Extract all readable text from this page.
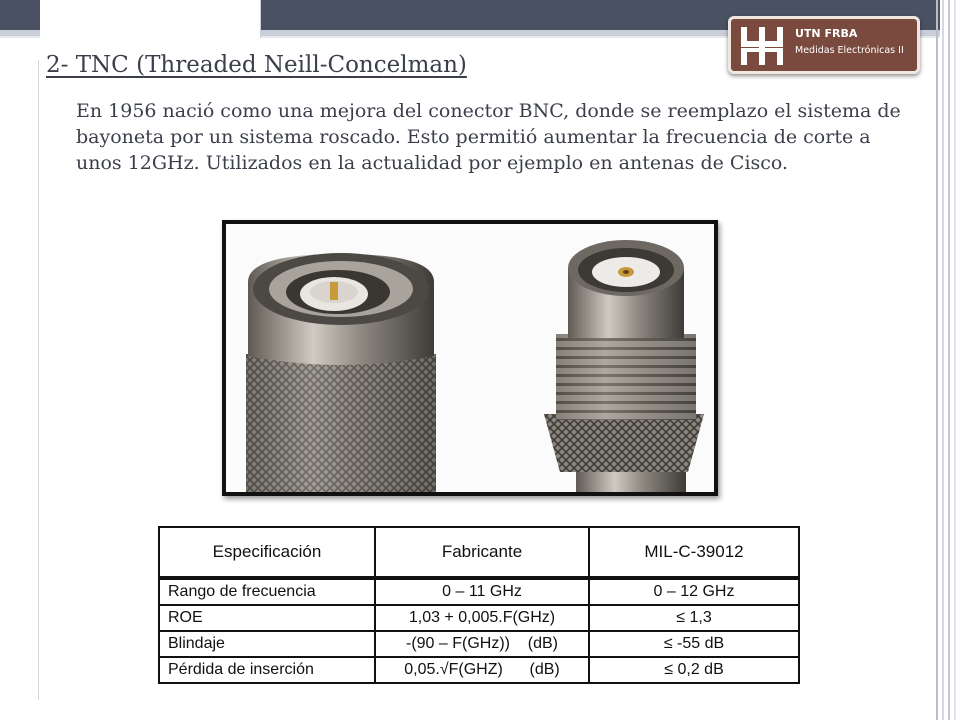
UTN FRBA
Medidas Electrónicas II
2- TNC (Threaded Neill-Concelman)

En 1956 nació como una mejora del conector BNC, donde se reemplazo el sistema de bayoneta por un sistema roscado. Esto permitió aumentar la frecuencia de corte a unos 12GHz. Utilizados en la actualidad por ejemplo en antenas de Cisco.

Especificación	Fabricante	MIL-C-39012
Rango de frecuencia	0 – 11 GHz	0 – 12 GHz
ROE	1,03 + 0,005.F(GHz)	≤ 1,3
Blindaje	-(90 – F(GHz))    (dB)	≤ -55 dB
Pérdida de inserción	0,05.√F(GHZ)      (dB)	≤ 0,2 dB
